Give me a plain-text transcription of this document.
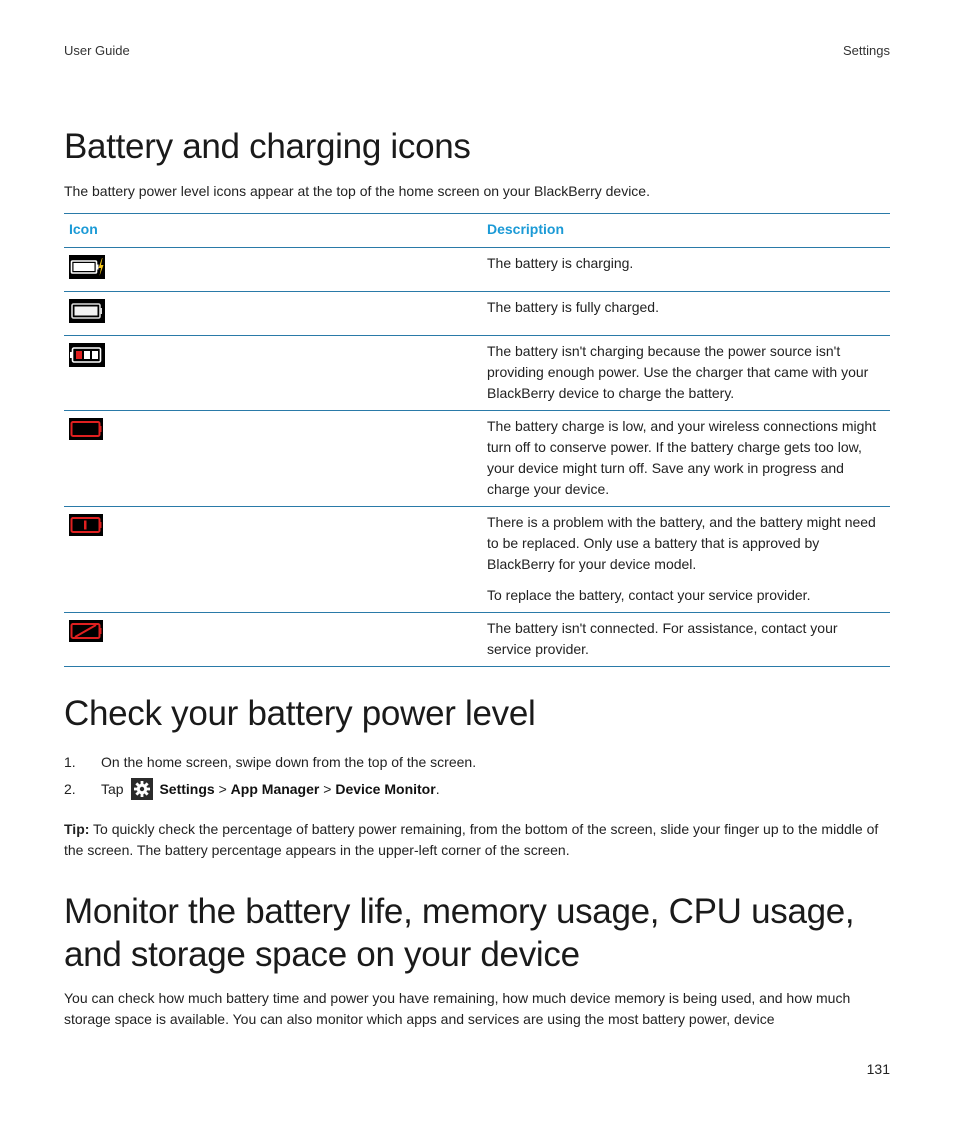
User Guide	Settings
Battery and charging icons

The battery power level icons appear at the top of the home screen on your BlackBerry device.

Icon	Description

The battery is charging.

The battery is fully charged.

The battery isn't charging because the power source isn't providing enough power. Use the charger that came with your BlackBerry device to charge the battery.

The battery charge is low, and your wireless connections might turn off to conserve power. If the battery charge gets too low, your device might turn off. Save any work in progress and charge your device.

There is a problem with the battery, and the battery might need to be replaced. Only use a battery that is approved by BlackBerry for your device model.

To replace the battery, contact your service provider.

The battery isn't connected. For assistance, contact your service provider.

Check your battery power level
1. On the home screen, swipe down from the top of the screen.
2. Tap	Settings > App Manager > Device Monitor.

Tip: To quickly check the percentage of battery power remaining, from the bottom of the screen, slide your finger up to the middle of the screen. The battery percentage appears in the upper-left corner of the screen.

Monitor the battery life, memory usage, CPU usage,
and storage space on your device

You can check how much battery time and power you have remaining, how much device memory is being used, and how much storage space is available. You can also monitor which apps and services are using the most battery power, device

131
